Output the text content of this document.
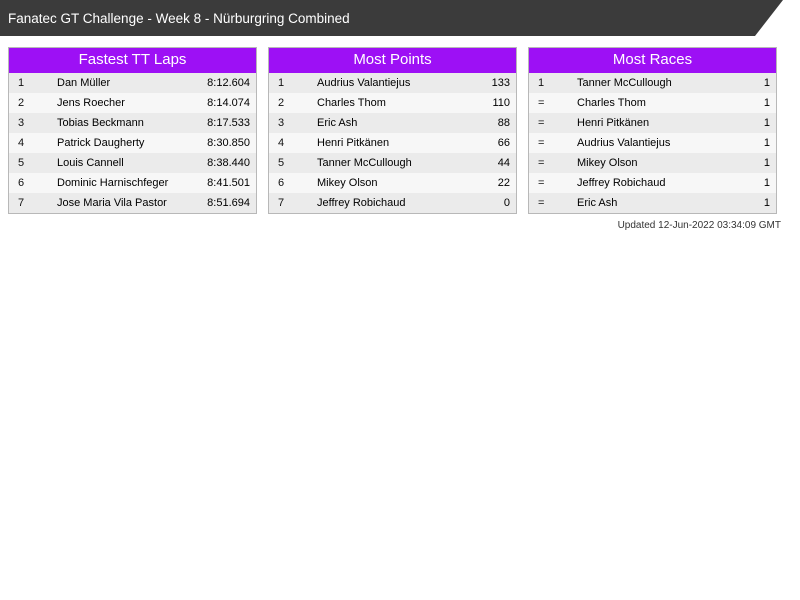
Fanatec GT Challenge - Week 8 - Nürburgring Combined
Fastest TT Laps
1	Dan Müller	8:12.604
2	Jens Roecher	8:14.074
3	Tobias Beckmann	8:17.533
4	Patrick Daugherty	8:30.850
5	Louis Cannell	8:38.440
6	Dominic Harnischfeger	8:41.501
7	Jose Maria Vila Pastor	8:51.694
Most Points
1	Audrius Valantiejus	133
2	Charles Thom	110
3	Eric Ash	88
4	Henri Pitkänen	66
5	Tanner McCullough	44
6	Mikey Olson	22
7	Jeffrey Robichaud	0
Most Races
1	Tanner McCullough	1
=	Charles Thom	1
=	Henri Pitkänen	1
=	Audrius Valantiejus	1
=	Mikey Olson	1
=	Jeffrey Robichaud	1
=	Eric Ash	1
Updated 12-Jun-2022 03:34:09 GMT
